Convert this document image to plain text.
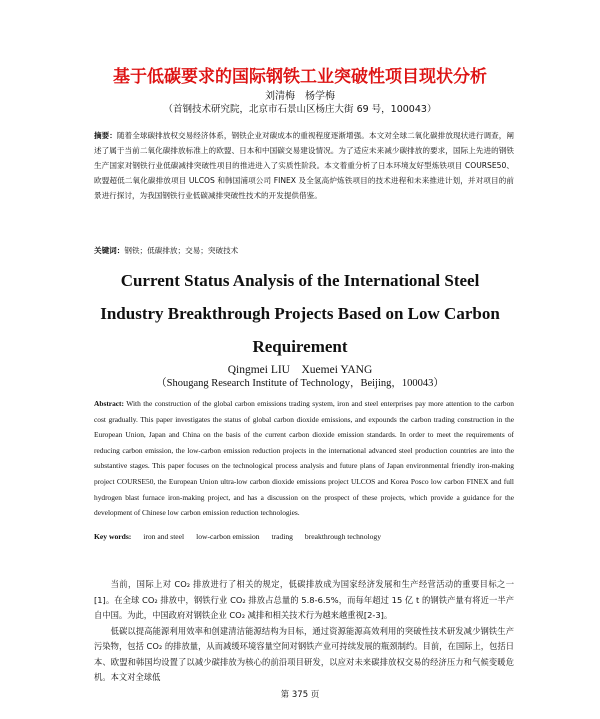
基于低碳要求的国际钢铁工业突破性项目现状分析
刘清梅　杨学梅
（首钢技术研究院，北京市石景山区杨庄大街 69 号，100043）
摘要：随着全球碳排放权交易经济体系，钢铁企业对碳成本的重视程度逐渐增强。本文对全球二氧化碳排放现状进行调查，阐述了属于当前二氧化碳排放标准上的欧盟、日本和中国碳交易建设情况。为了适应未来减少碳排放的要求，国际上先进的钢铁生产国家对钢铁行业低碳减排突破性项目的推进进入了实质性阶段。本文着重分析了日本环境友好型炼铁项目 COURSE50、欧盟超低二氧化碳排放项目 ULCOS 和韩国浦项公司 FINEX 及全氢高炉炼铁项目的技术进程和未来推进计划，并对项目的前景进行探讨，为我国钢铁行业低碳减排突破性技术的开发提供借鉴。
关键词：钢铁；低碳排放；交易；突破技术
Current Status Analysis of the International Steel
Industry Breakthrough Projects Based on Low Carbon
Requirement
Qingmei LIU　Xuemei YANG
（Shougang Research Institute of Technology，Beijing，100043）
Abstract: With the construction of the global carbon emissions trading system, iron and steel enterprises pay more attention to the carbon cost gradually. This paper investigates the status of global carbon dioxide emissions, and expounds the carbon trading construction in the European Union, Japan and China on the basis of the current carbon dioxide emission standards. In order to meet the requirements of reducing carbon emission, the low-carbon emission reduction projects in the international advanced steel production countries are into the substantive stages. This paper focuses on the technological process analysis and future plans of Japan environmental friendly iron-making project COURSE50, the European Union ultra-low carbon dioxide emissions project ULCOS and Korea Posco low carbon FINEX and full hydrogen blast furnace iron-making project, and has a discussion on the prospect of these projects, which provide a guidance for the development of Chinese low carbon emission reduction technologies.
Key words: iron and steel low-carbon emission trading breakthrough technology

当前，国际上对 CO₂ 排放进行了相关的规定，低碳排放成为国家经济发展和生产经营活动的重要目标之一[1]。在全球 CO₂ 排放中，钢铁行业 CO₂ 排放占总量的 5.8-6.5%，而每年超过 15 亿 t 的钢铁产量有将近一半产自中国。为此，中国政府对钢铁企业 CO₂ 减排和相关技术行为越来越重视[2-3]。

低碳以提高能源利用效率和创建清洁能源结构为目标，通过资源能源高效利用的突破性技术研发减少钢铁生产污染物，包括 CO₂ 的排放量，从而减缓环境容量空间对钢铁产业可持续发展的瓶颈制约。目前，在国际上，包括日本、欧盟和韩国均设置了以减少碳排放为核心的前沿项目研发，以应对未来碳排放权交易的经济压力和气候变暖危机。本文对全球低

第 375 页
